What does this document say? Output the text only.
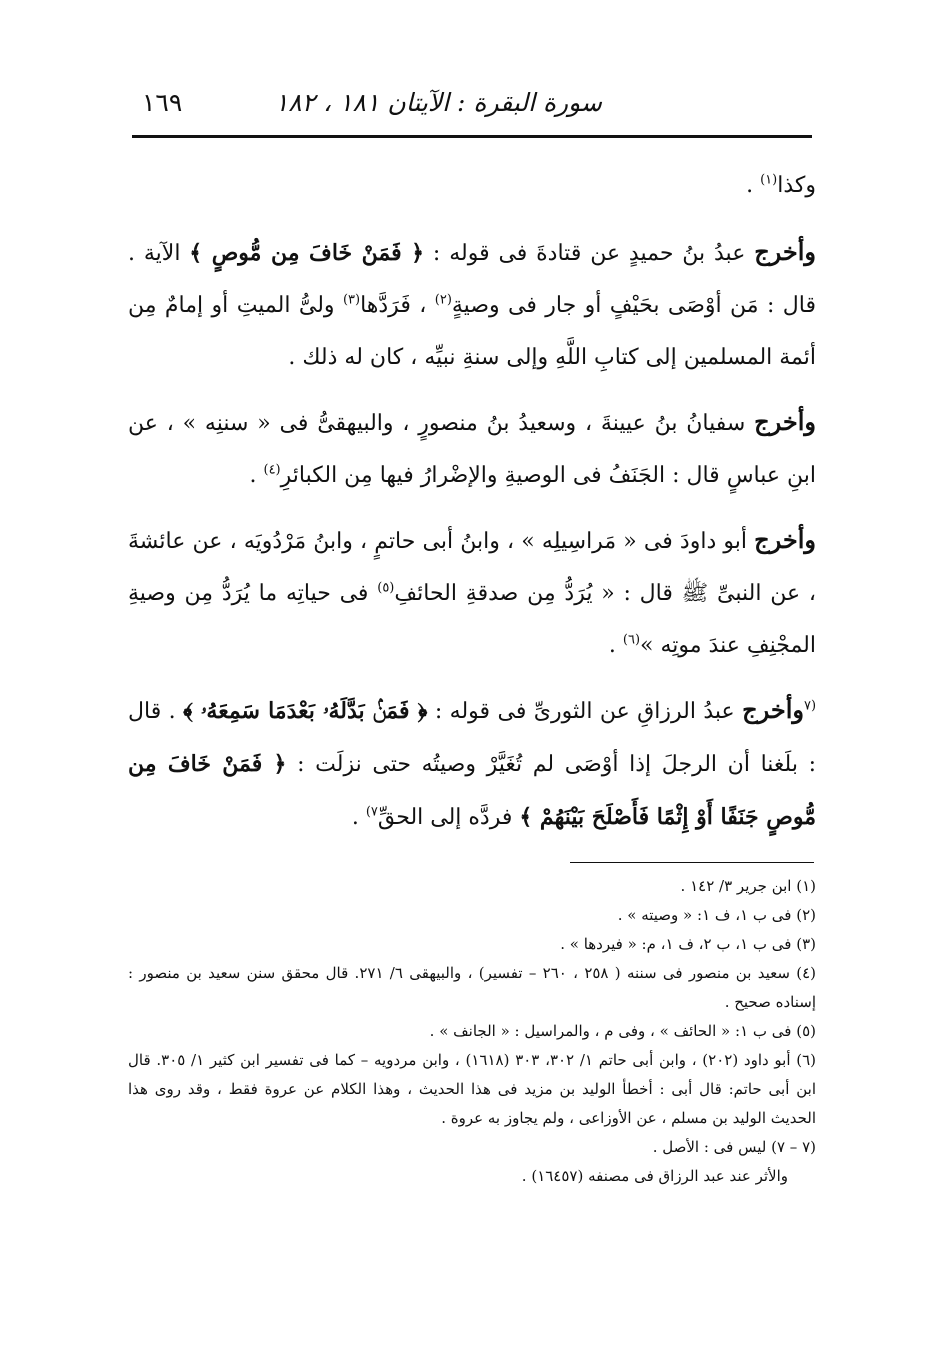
سورة البقرة : الآيتان ١٨١ ، ١٨٢
١٦٩

وكذا$^{(١)}$ .

وأخرج عبدُ بنُ حميدٍ عن قتادةَ فى قوله : ﴿ فَمَنْ خَافَ مِن مُّوصٍ ﴾ الآية . قال : مَن أوْصَى بحَيْفٍ أو جار فى وصيةٍ$^{(٢)}$ ، فَرَدَّها$^{(٣)}$ ولىُّ الميتِ أو إمامٌ مِن أئمة المسلمين إلى كتابِ اللَّهِ وإلى سنةِ نبيِّه ، كان له ذلك .

وأخرج سفيانُ بنُ عيينةَ ، وسعيدُ بنُ منصورٍ ، والبيهقىُّ فى « سننِه » ، عن ابنِ عباسٍ قال : الجَنَفُ فى الوصيةِ والإضْرارُ فيها مِن الكبائرِ$^{(٤)}$ .

وأخرج أبو داودَ فى « مَراسِيلِه » ، وابنُ أبى حاتمٍ ، وابنُ مَرْدُويَه ، عن عائشةَ ، عن النبىِّ ﷺ قال : « يُرَدُّ مِن صدقةِ الحائفِ$^{(٥)}$ فى حياتِه ما يُرَدُّ مِن وصيةِ المجْنِفِ عندَ موتِه »$^{(٦)}$ .

$^{(٧}$وأخرج عبدُ الرزاقِ عن الثورىِّ فى قوله : ﴿ فَمَنۢ بَدَّلَهُۥ بَعْدَمَا سَمِعَهُۥ ﴾ . قال : بلَغنا أن الرجلَ إذا أوْصَى لم تُغَيَّرْ وصيتُه حتى نزلَت : ﴿ فَمَنْ خَافَ مِن مُّوصٍ جَنَفًا أَوْ إِثْمًا فَأَصْلَحَ بَيْنَهُمْ ﴾ فردَّه إلى الحقِّ$^{٧)}$ .

(١) ابن جرير ٣/ ١٤٢ .

(٢) فى ب ١، ف ١: « وصيته » .

(٣) فى ب ١، ب ٢، ف ١، م: « فيردها » .

(٤) سعيد بن منصور فى سننه ( ٢٥٨ ، ٢٦٠ – تفسير) ، والبيهقى ٦/ ٢٧١. قال محقق سنن سعيد بن منصور : إسناده صحيح .

(٥) فى ب ١: « الحائف » ، وفى م ، والمراسيل : « الجانف » .

(٦) أبو داود (٢٠٢) ، وابن أبى حاتم ١/ ٣٠٢، ٣٠٣ (١٦١٨) ، وابن مردويه – كما فى تفسير ابن كثير ١/ ٣٠٥. قال ابن أبى حاتم: قال أبى : أخطأ الوليد بن مزيد فى هذا الحديث ، وهذا الكلام عن عروة فقط ، وقد روى هذا الحديث الوليد بن مسلم ، عن الأوزاعى ، ولم يجاوز به عروة .

(٧ – ٧) ليس فى : الأصل .

والأثر عند عبد الرزاق فى مصنفه (١٦٤٥٧) .
